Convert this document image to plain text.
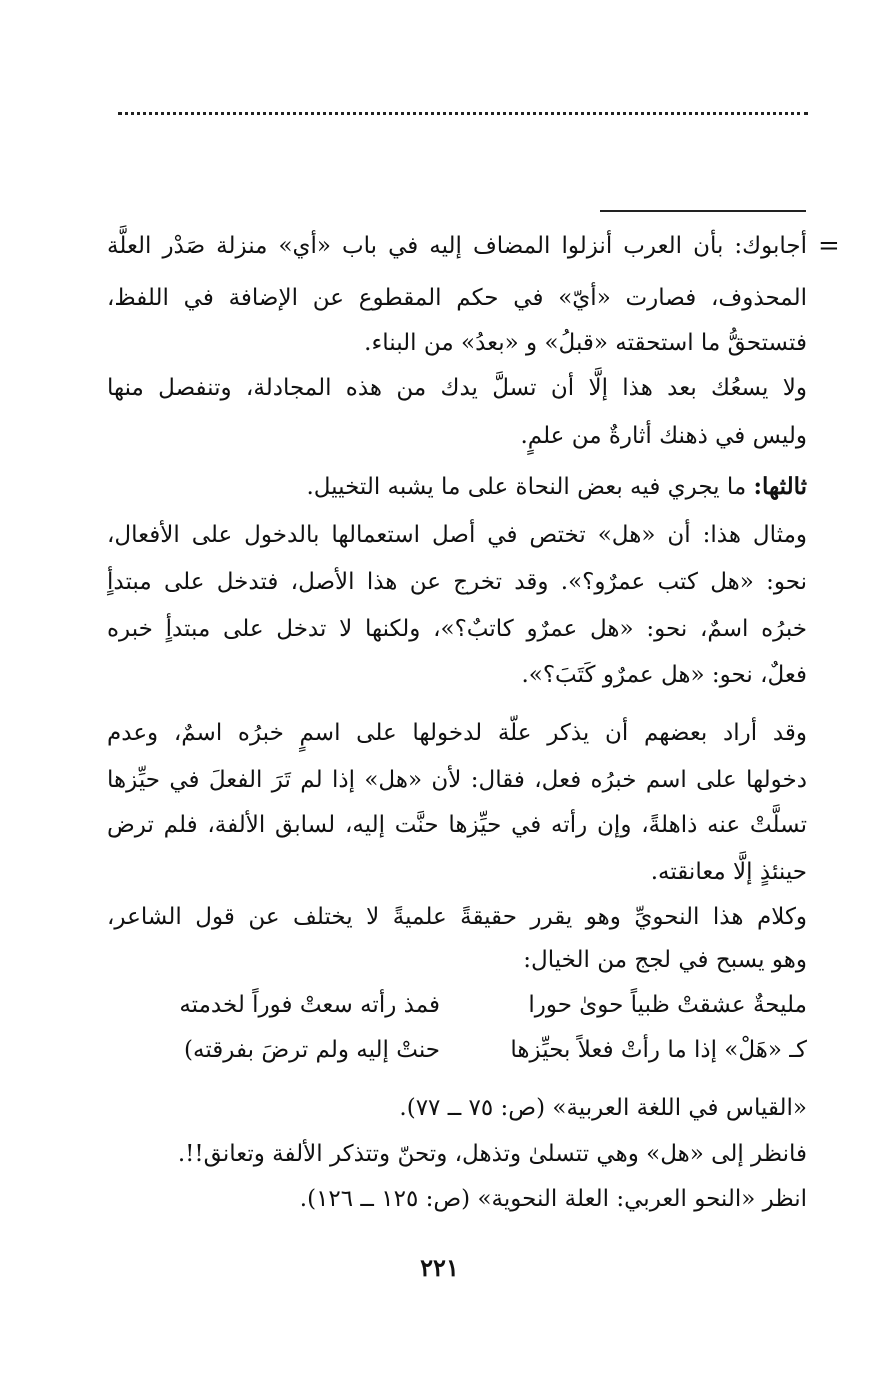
=
أجابوك: بأن العرب أنزلوا المضاف إليه في باب «أي» منزلة صَدْر العلَّة
المحذوف، فصارت «أيّ» في حكم المقطوع عن الإضافة في اللفظ،
فتستحقُّ ما استحقته «قبلُ» و «بعدُ» من البناء.
ولا يسعُك بعد هذا إلَّا أن تسلَّ يدك من هذه المجادلة، وتنفصل منها
وليس في ذهنك أثارةٌ من علمٍ.
ثالثها: ما يجري فيه بعض النحاة على ما يشبه التخييل.
ومثال هذا: أن «هل» تختص في أصل استعمالها بالدخول على الأفعال،
نحو: «هل كتب عمرٌو؟». وقد تخرج عن هذا الأصل، فتدخل على مبتدأٍ
خبرُه اسمٌ، نحو: «هل عمرٌو كاتبٌ؟»، ولكنها لا تدخل على مبتدأٍ خبره
فعلٌ، نحو: «هل عمرٌو كَتَبَ؟».
وقد أراد بعضهم أن يذكر علّة لدخولها على اسمٍ خبرُه اسمٌ، وعدم
دخولها على اسم خبرُه فعل، فقال: لأن «هل» إذا لم تَرَ الفعلَ في حيِّزها
تسلَّتْ عنه ذاهلةً، وإن رأته في حيِّزها حنَّت إليه، لسابق الألفة، فلم ترض
حينئذٍ إلَّا معانقته.
وكلام هذا النحويِّ وهو يقرر حقيقةً علميةً لا يختلف عن قول الشاعر،
وهو يسبح في لجج من الخيال:
مليحةٌ عشقتْ ظبياً حوىٰ حورا
فمذ رأته سعتْ فوراً لخدمته
كـ «هَلْ» إذا ما رأتْ فعلاً بحيِّزها
حنتْ إليه ولم ترضَ بفرقته)
«القياس في اللغة العربية» (ص: ٧٥ ــ ٧٧).
فانظر إلى «هل» وهي تتسلىٰ وتذهل، وتحنّ وتتذكر الألفة وتعانق!!.
انظر «النحو العربي: العلة النحوية» (ص: ١٢٥ ــ ١٢٦).
٢٢١
